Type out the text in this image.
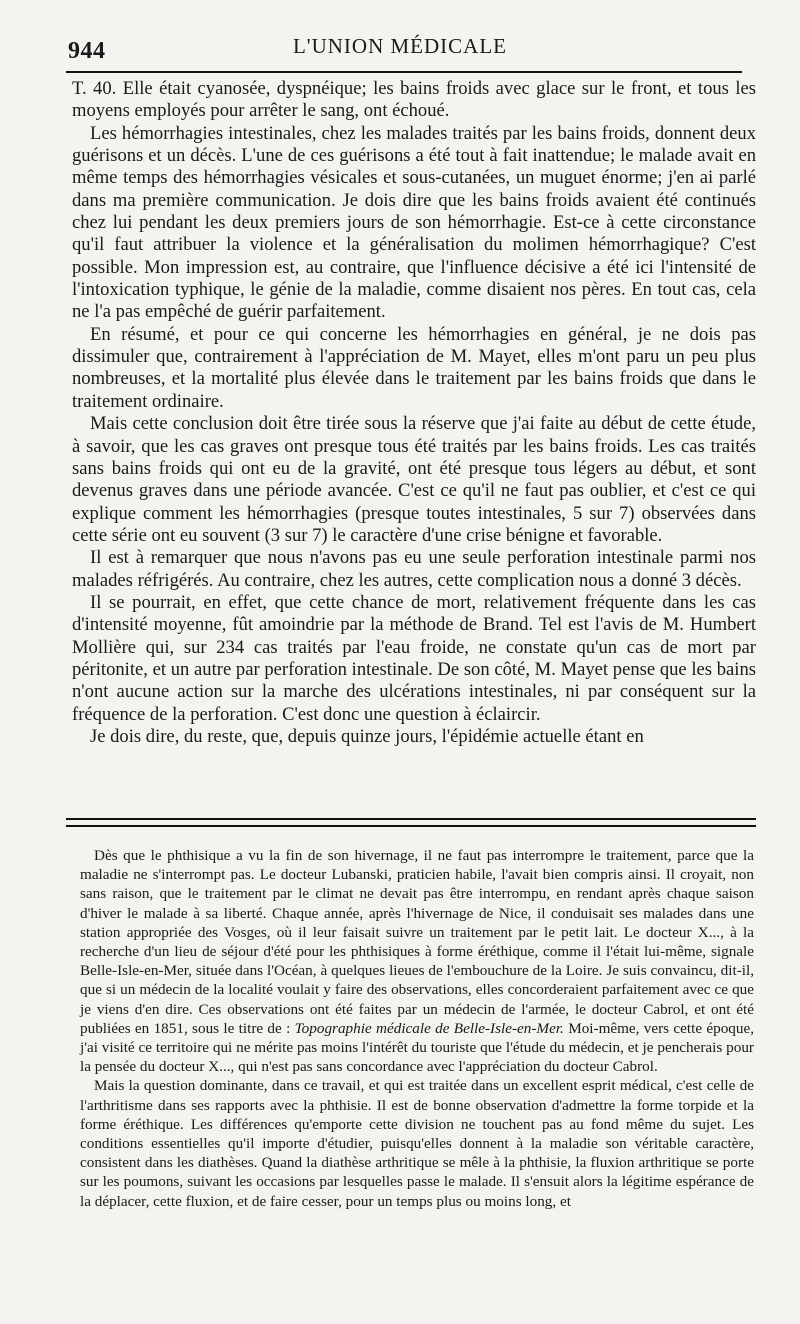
944	L'UNION MÉDICALE

T. 40. Elle était cyanosée, dyspnéique; les bains froids avec glace sur le front, et tous les moyens employés pour arrêter le sang, ont échoué.

Les hémorrhagies intestinales, chez les malades traités par les bains froids, donnent deux guérisons et un décès. L'une de ces guérisons a été tout à fait inattendue; le malade avait en même temps des hémorrhagies vésicales et sous-cutanées, un muguet énorme; j'en ai parlé dans ma première communication. Je dois dire que les bains froids avaient été continués chez lui pendant les deux premiers jours de son hémorrhagie. Est-ce à cette circonstance qu'il faut attribuer la violence et la généralisation du molimen hémorrhagique? C'est possible. Mon impression est, au contraire, que l'influence décisive a été ici l'intensité de l'intoxication typhique, le génie de la maladie, comme disaient nos pères. En tout cas, cela ne l'a pas empêché de guérir parfaitement.

En résumé, et pour ce qui concerne les hémorrhagies en général, je ne dois pas dissimuler que, contrairement à l'appréciation de M. Mayet, elles m'ont paru un peu plus nombreuses, et la mortalité plus élevée dans le traitement par les bains froids que dans le traitement ordinaire.

Mais cette conclusion doit être tirée sous la réserve que j'ai faite au début de cette étude, à savoir, que les cas graves ont presque tous été traités par les bains froids. Les cas traités sans bains froids qui ont eu de la gravité, ont été presque tous légers au début, et sont devenus graves dans une période avancée. C'est ce qu'il ne faut pas oublier, et c'est ce qui explique comment les hémorrhagies (presque toutes intestinales, 5 sur 7) observées dans cette série ont eu souvent (3 sur 7) le caractère d'une crise bénigne et favorable.

Il est à remarquer que nous n'avons pas eu une seule perforation intestinale parmi nos malades réfrigérés. Au contraire, chez les autres, cette complication nous a donné 3 décès.

Il se pourrait, en effet, que cette chance de mort, relativement fréquente dans les cas d'intensité moyenne, fût amoindrie par la méthode de Brand. Tel est l'avis de M. Humbert Mollière qui, sur 234 cas traités par l'eau froide, ne constate qu'un cas de mort par péritonite, et un autre par perforation intestinale. De son côté, M. Mayet pense que les bains n'ont aucune action sur la marche des ulcérations intestinales, ni par conséquent sur la fréquence de la perforation. C'est donc une question à éclaircir.

Je dois dire, du reste, que, depuis quinze jours, l'épidémie actuelle étant en

Dès que le phthisique a vu la fin de son hivernage, il ne faut pas interrompre le traitement, parce que la maladie ne s'interrompt pas. Le docteur Lubanski, praticien habile, l'avait bien compris ainsi. Il croyait, non sans raison, que le traitement par le climat ne devait pas être interrompu, en rendant après chaque saison d'hiver le malade à sa liberté. Chaque année, après l'hivernage de Nice, il conduisait ses malades dans une station appropriée des Vosges, où il leur faisait suivre un traitement par le petit lait. Le docteur X..., à la recherche d'un lieu de séjour d'été pour les phthisiques à forme éréthique, comme il l'était lui-même, signale Belle-Isle-en-Mer, située dans l'Océan, à quelques lieues de l'embouchure de la Loire. Je suis convaincu, dit-il, que si un médecin de la localité voulait y faire des observations, elles concorderaient parfaitement avec ce que je viens d'en dire. Ces observations ont été faites par un médecin de l'armée, le docteur Cabrol, et ont été publiées en 1851, sous le titre de : Topographie médicale de Belle-Isle-en-Mer. Moi-même, vers cette époque, j'ai visité ce territoire qui ne mérite pas moins l'intérêt du touriste que l'étude du médecin, et je pencherais pour la pensée du docteur X..., qui n'est pas sans concordance avec l'appréciation du docteur Cabrol.

Mais la question dominante, dans ce travail, et qui est traitée dans un excellent esprit médical, c'est celle de l'arthritisme dans ses rapports avec la phthisie. Il est de bonne observation d'admettre la forme torpide et la forme éréthique. Les différences qu'emporte cette division ne touchent pas au fond même du sujet. Les conditions essentielles qu'il importe d'étudier, puisqu'elles donnent à la maladie son véritable caractère, consistent dans les diathèses. Quand la diathèse arthritique se mêle à la phthisie, la fluxion arthritique se porte sur les poumons, suivant les occasions par lesquelles passe le malade. Il s'ensuit alors la légitime espérance de la déplacer, cette fluxion, et de faire cesser, pour un temps plus ou moins long, et
